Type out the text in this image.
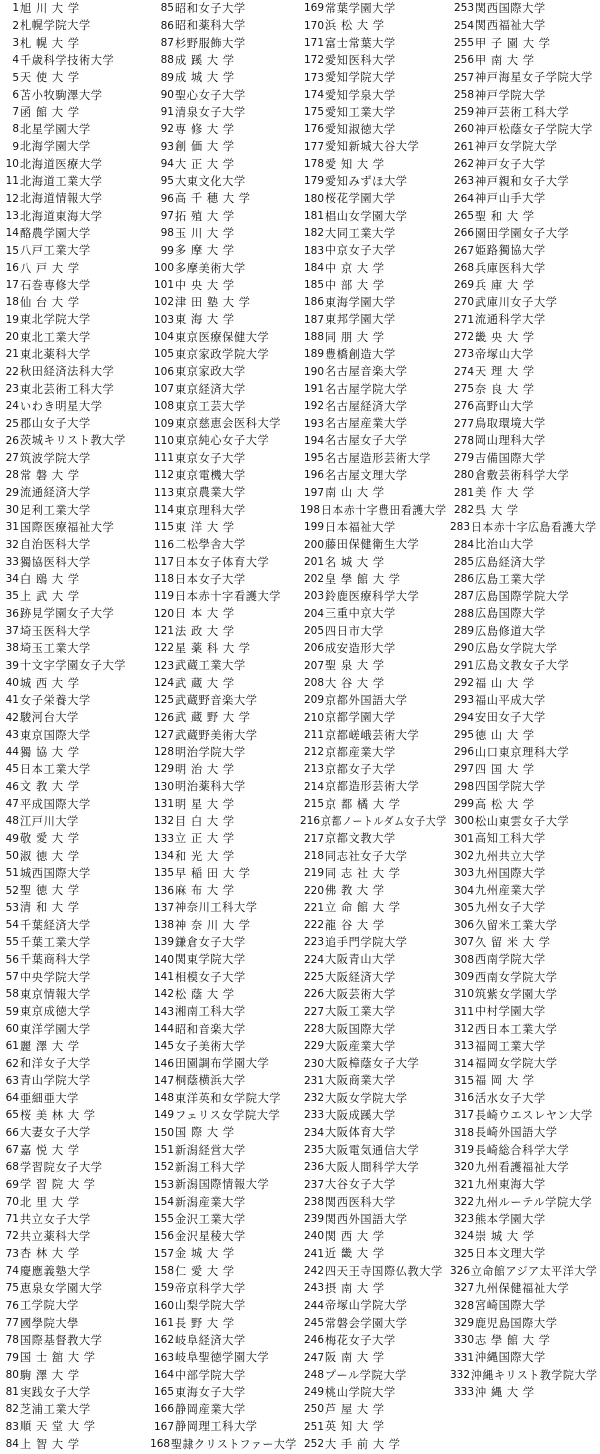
1 旭 川 大 学
2 札幌学院大学
3 札 幌 大 学
4 千歳科学技術大学
5 天 使 大 学
6 苫小牧駒澤大学
7 函 館 大 学
8 北星学園大学
9 北海学園大学
10 北海道医療大学
11 北海道工業大学
12 北海道情報大学
13 北海道東海大学
14 酪農学園大学
15 八戸工業大学
16 八 戸 大 学
17 石巻専修大学
18 仙 台 大 学
19 東北学院大学
20 東北工業大学
21 東北薬科大学
22 秋田経済法科大学
23 東北芸術工科大学
24 いわき明星大学
25 郡山女子大学
26 茨城キリスト教大学
27 筑波学院大学
28 常 磐 大 学
29 流通経済大学
30 足利工業大学
31 国際医療福祉大学
32 自治医科大学
33 獨協医科大学
34 白 鴎 大 学
35 上 武 大 学
36 跡見学園女子大学
37 埼玉医科大学
38 埼玉工業大学
39 十文字学園女子大学
40 城 西 大 学
41 女子栄養大学
42 駿河台大学
43 東京国際大学
44 獨 協 大 学
45 日本工業大学
46 文 教 大 学
47 平成国際大学
48 江戸川大学
49 敬 愛 大 学
50 淑 徳 大 学
51 城西国際大学
52 聖 徳 大 学
53 清 和 大 学
54 千葉経済大学
55 千葉工業大学
56 千葉商科大学
57 中央学院大学
58 東京情報大学
59 東京成徳大学
60 東洋学園大学
61 麗 澤 大 学
62 和洋女子大学
63 青山学院大学
64 亜細亜大学
65 桜 美 林 大 学
66 大妻女子大学
67 嘉 悦 大 学
68 学習院女子大学
69 学 習 院 大 学
70 北 里 大 学
71 共立女子大学
72 共立薬科大学
73 杏 林 大 学
74 慶應義塾大学
75 恵泉女学園大学
76 工学院大学
77 國學院大學
78 国際基督教大学
79 国 士 舘 大 学
80 駒 澤 大 学
81 実践女子大学
82 芝浦工業大学
83 順 天 堂 大 学
84 上 智 大 学
85 昭和女子大学
86 昭和薬科大学
87 杉野服飾大学
88 成 蹊 大 学
89 成 城 大 学
90 聖心女子大学
91 清泉女子大学
92 専 修 大 学
93 創 価 大 学
94 大 正 大 学
95 大東文化大学
96 高 千 穂 大 学
97 拓 殖 大 学
98 玉 川 大 学
99 多 摩 大 学
100 多摩美術大学
101 中 央 大 学
102 津 田 塾 大 学
103 東 海 大 学
104 東京医療保健大学
105 東京家政学院大学
106 東京家政大学
107 東京経済大学
108 東京工芸大学
109 東京慈恵会医科大学
110 東京純心女子大学
111 東京女子大学
112 東京電機大学
113 東京農業大学
114 東京理科大学
115 東 洋 大 学
116 二松學舎大学
117 日本女子体育大学
118 日本女子大学
119 日本赤十字看護大学
120 日 本 大 学
121 法 政 大 学
122 星 薬 科 大 学
123 武蔵工業大学
124 武 蔵 大 学
125 武蔵野音楽大学
126 武 蔵 野 大 学
127 武蔵野美術大学
128 明治学院大学
129 明 治 大 学
130 明治薬科大学
131 明 星 大 学
132 目 白 大 学
133 立 正 大 学
134 和 光 大 学
135 早 稲 田 大 学
136 麻 布 大 学
137 神奈川工科大学
138 神 奈 川 大 学
139 鎌倉女子大学
140 関東学院大学
141 相模女子大学
142 松 蔭 大 学
143 湘南工科大学
144 昭和音楽大学
145 女子美術大学
146 田園調布学園大学
147 桐蔭横浜大学
148 東洋英和女学院大学
149 フェリス女学院大学
150 国 際 大 学
151 新潟経営大学
152 新潟工科大学
153 新潟国際情報大学
154 新潟産業大学
155 金沢工業大学
156 金沢星稜大学
157 金 城 大 学
158 仁 愛 大 学
159 帝京科学大学
160 山梨学院大学
161 長 野 大 学
162 岐阜経済大学
163 岐阜聖徳学園大学
164 中部学院大学
165 東海女子大学
166 静岡産業大学
167 静岡理工科大学
168 聖隷クリストファー大学
169 常葉学園大学
170 浜 松 大 学
171 富士常葉大学
172 愛知医科大学
173 愛知学院大学
174 愛知学泉大学
175 愛知工業大学
176 愛知淑徳大学
177 愛知新城大谷大学
178 愛 知 大 学
179 愛知みずほ大学
180 桜花学園大学
181 椙山女学園大学
182 大同工業大学
183 中京女子大学
184 中 京 大 学
185 中 部 大 学
186 東海学園大学
187 東邦学園大学
188 同 朋 大 学
189 豊橋創造大学
190 名古屋音楽大学
191 名古屋学院大学
192 名古屋経済大学
193 名古屋産業大学
194 名古屋女子大学
195 名古屋造形芸術大学
196 名古屋文理大学
197 南 山 大 学
198 日本赤十字豊田看護大学
199 日本福祉大学
200 藤田保健衛生大学
201 名 城 大 学
202 皇 學 館 大 学
203 鈴鹿医療科学大学
204 三重中京大学
205 四日市大学
206 成安造形大学
207 聖 泉 大 学
208 大 谷 大 学
209 京都外国語大学
210 京都学園大学
211 京都嵯峨芸術大学
212 京都産業大学
213 京都女子大学
214 京都造形芸術大学
215 京 都 橘 大 学
216 京都ノートルダム女子大学
217 京都文教大学
218 同志社女子大学
219 同 志 社 大 学
220 佛 教 大 学
221 立 命 館 大 学
222 龍 谷 大 学
223 追手門学院大学
224 大阪青山大学
225 大阪経済大学
226 大阪芸術大学
227 大阪工業大学
228 大阪国際大学
229 大阪産業大学
230 大阪樟蔭女子大学
231 大阪商業大学
232 大阪女学院大学
233 大阪成蹊大学
234 大阪体育大学
235 大阪電気通信大学
236 大阪人間科学大学
237 大谷女子大学
238 関西医科大学
239 関西外国語大学
240 関 西 大 学
241 近 畿 大 学
242 四天王寺国際仏教大学
243 摂 南 大 学
244 帝塚山学院大学
245 常磐会学園大学
246 梅花女子大学
247 阪 南 大 学
248 プール学院大学
249 桃山学院大学
250 芦 屋 大 学
251 英 知 大 学
252 大 手 前 大 学
253 関西国際大学
254 関西福祉大学
255 甲 子 園 大 学
256 甲 南 大 学
257 神戸海星女子学院大学
258 神戸学院大学
259 神戸芸術工科大学
260 神戸松蔭女子学院大学
261 神戸女学院大学
262 神戸女子大学
263 神戸親和女子大学
264 神戸山手大学
265 聖 和 大 学
266 園田学園女子大学
267 姫路獨協大学
268 兵庫医科大学
269 兵 庫 大 学
270 武庫川女子大学
271 流通科学大学
272 畿 央 大 学
273 帝塚山大学
274 天 理 大 学
275 奈 良 大 学
276 高野山大学
277 鳥取環境大学
278 岡山理科大学
279 吉備国際大学
280 倉敷芸術科学大学
281 美 作 大 学
282 呉 大 学
283 日本赤十字広島看護大学
284 比治山大学
285 広島経済大学
286 広島工業大学
287 広島国際学院大学
288 広島国際大学
289 広島修道大学
290 広島女学院大学
291 広島文教女子大学
292 福 山 大 学
293 福山平成大学
294 安田女子大学
295 徳 山 大 学
296 山口東京理科大学
297 四 国 大 学
298 四国学院大学
299 高 松 大 学
300 松山東雲女子大学
301 高知工科大学
302 九州共立大学
303 九州国際大学
304 九州産業大学
305 九州女子大学
306 久留米工業大学
307 久 留 米 大 学
308 西南学院大学
309 西南女学院大学
310 筑紫女学園大学
311 中村学園大学
312 西日本工業大学
313 福岡工業大学
314 福岡女学院大学
315 福 岡 大 学
316 活水女子大学
317 長崎ウエスレヤン大学
318 長崎外国語大学
319 長崎総合科学大学
320 九州看護福祉大学
321 九州東海大学
322 九州ルーテル学院大学
323 熊本学園大学
324 崇 城 大 学
325 日本文理大学
326 立命館アジア太平洋大学
327 九州保健福祉大学
328 宮崎国際大学
329 鹿児島国際大学
330 志 學 館 大 学
331 沖縄国際大学
332 沖縄キリスト教学院大学
333 沖 縄 大 学
